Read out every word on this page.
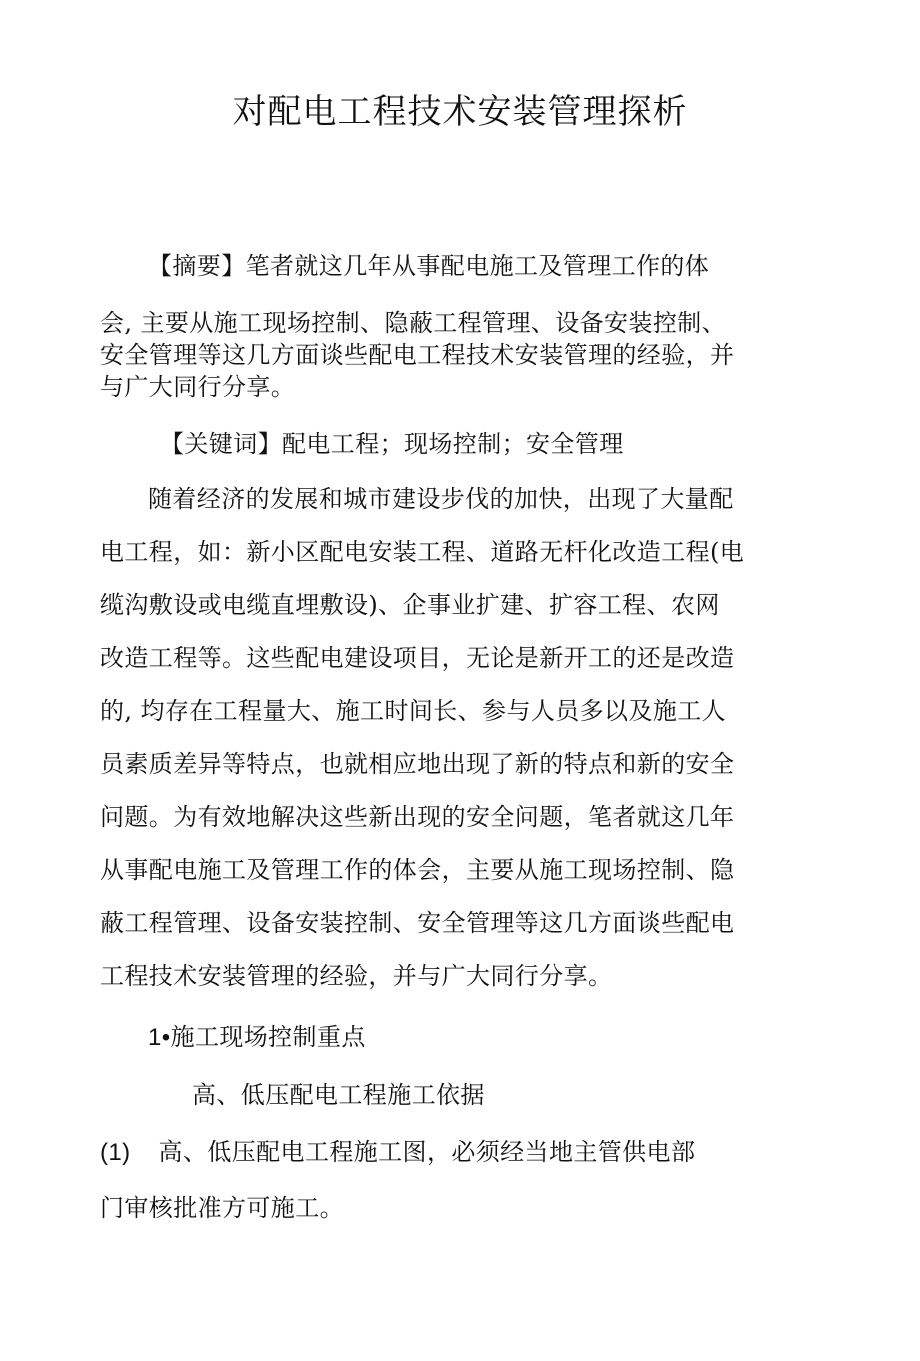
对配电工程技术安装管理探析
【摘要】笔者就这几年从事配电施工及管理工作的体
会, 主要从施工现场控制、隐蔽工程管理、设备安装控制、
安全管理等这几方面谈些配电工程技术安装管理的经验，并
与广大同行分享。
【关键词】配电工程；现场控制；安全管理
随着经济的发展和城市建设步伐的加快，出现了大量配
电工程，如：新小区配电安装工程、道路无杆化改造工程(电
缆沟敷设或电缆直埋敷设)、企事业扩建、扩容工程、农网
改造工程等。这些配电建设项目，无论是新开工的还是改造
的, 均存在工程量大、施工时间长、参与人员多以及施工人
员素质差异等特点，也就相应地出现了新的特点和新的安全
问题。为有效地解决这些新出现的安全问题，笔者就这几年
从事配电施工及管理工作的体会，主要从施工现场控制、隐
蔽工程管理、设备安装控制、安全管理等这几方面谈些配电
工程技术安装管理的经验，并与广大同行分享。
1•施工现场控制重点
高、低压配电工程施工依据
(1) 高、低压配电工程施工图，必须经当地主管供电部
门审核批准方可施工。
